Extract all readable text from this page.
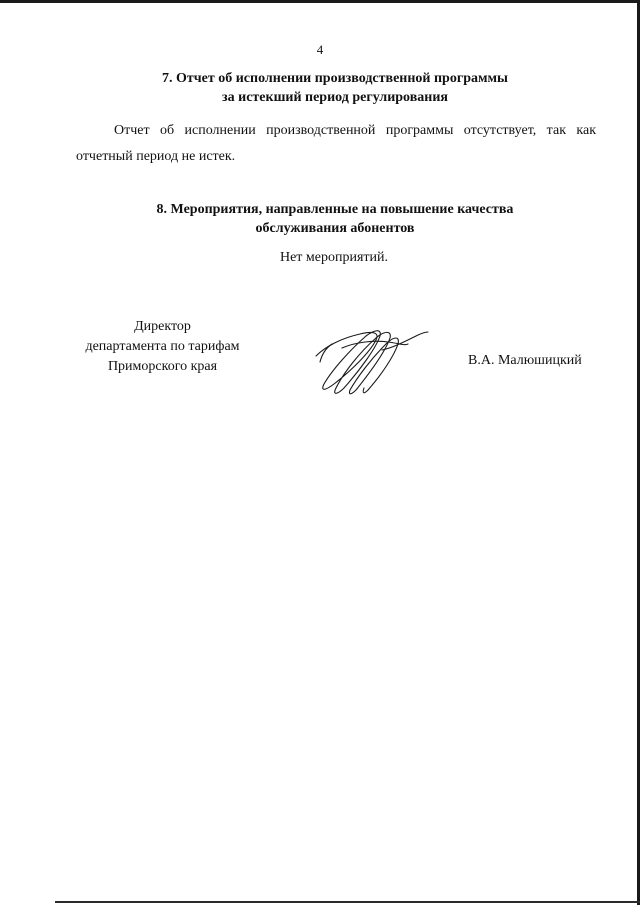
4
7. Отчет об исполнении производственной программы
за истекший период регулирования
Отчет об исполнении производственной программы отсутствует, так как
отчетный период не истек.
8. Мероприятия, направленные на повышение качества
обслуживания абонентов
Нет мероприятий.
Директор
департамента по тарифам
Приморского края	В.А. Малюшицкий
